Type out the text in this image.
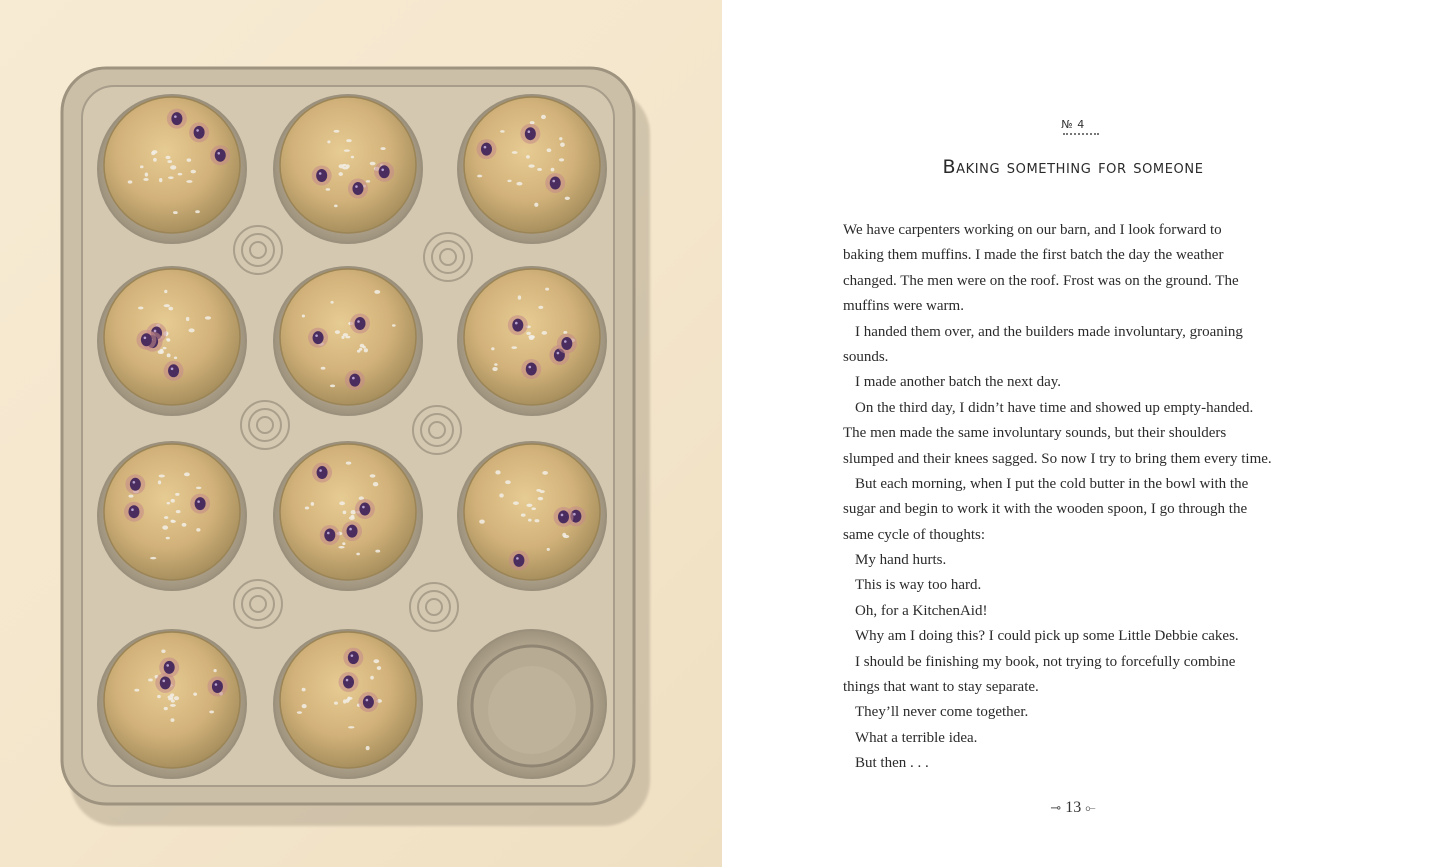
№ 4
Baking something for someone
We have carpenters working on our barn, and I look forward to
baking them muffins. I made the first batch the day the weather
changed. The men were on the roof. Frost was on the ground. The
muffins were warm.
I handed them over, and the builders made involuntary, groaning
sounds.
I made another batch the next day.
On the third day, I didn’t have time and showed up empty-handed.
The men made the same involuntary sounds, but their shoulders
slumped and their knees sagged. So now I try to bring them every time.
But each morning, when I put the cold butter in the bowl with the
sugar and begin to work it with the wooden spoon, I go through the
same cycle of thoughts:
My hand hurts.
This is way too hard.
Oh, for a KitchenAid!
Why am I doing this? I could pick up some Little Debbie cakes.
I should be finishing my book, not trying to forcefully combine
things that want to stay separate.
They’ll never come together.
What a terrible idea.
But then . . .
⊸ 13 ⟜
